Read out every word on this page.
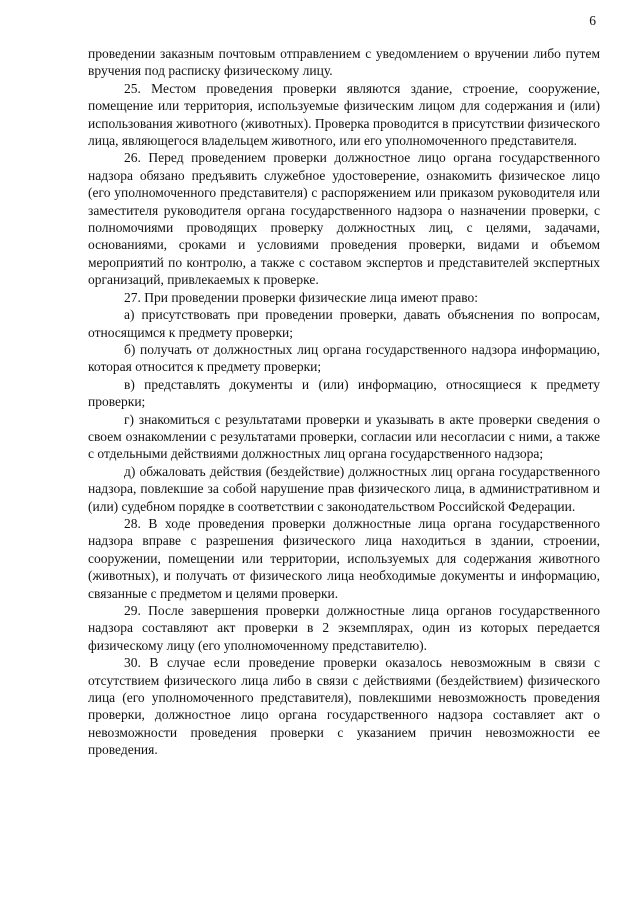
6

проведении заказным почтовым отправлением с уведомлением о вручении либо путем вручения под расписку физическому лицу.

25. Местом проведения проверки являются здание, строение, сооружение, помещение или территория, используемые физическим лицом для содержания и (или) использования животного (животных). Проверка проводится в присутствии физического лица, являющегося владельцем животного, или его уполномоченного представителя.

26. Перед проведением проверки должностное лицо органа государственного надзора обязано предъявить служебное удостоверение, ознакомить физическое лицо (его уполномоченного представителя) с распоряжением или приказом руководителя или заместителя руководителя органа государственного надзора о назначении проверки, с полномочиями проводящих проверку должностных лиц, с целями, задачами, основаниями, сроками и условиями проведения проверки, видами и объемом мероприятий по контролю, а также с составом экспертов и представителей экспертных организаций, привлекаемых к проверке.

27. При проведении проверки физические лица имеют право:

а) присутствовать при проведении проверки, давать объяснения по вопросам, относящимся к предмету проверки;

б) получать от должностных лиц органа государственного надзора информацию, которая относится к предмету проверки;

в) представлять документы и (или) информацию, относящиеся к предмету проверки;

г) знакомиться с результатами проверки и указывать в акте проверки сведения о своем ознакомлении с результатами проверки, согласии или несогласии с ними, а также с отдельными действиями должностных лиц органа государственного надзора;

д) обжаловать действия (бездействие) должностных лиц органа государственного надзора, повлекшие за собой нарушение прав физического лица, в административном и (или) судебном порядке в соответствии с законодательством Российской Федерации.

28. В ходе проведения проверки должностные лица органа государственного надзора вправе с разрешения физического лица находиться в здании, строении, сооружении, помещении или территории, используемых для содержания животного (животных), и получать от физического лица необходимые документы и информацию, связанные с предметом и целями проверки.

29. После завершения проверки должностные лица органов государственного надзора составляют акт проверки в 2 экземплярах, один из которых передается физическому лицу (его уполномоченному представителю).

30. В случае если проведение проверки оказалось невозможным в связи с отсутствием физического лица либо в связи с действиями (бездействием) физического лица (его уполномоченного представителя), повлекшими невозможность проведения проверки, должностное лицо органа государственного надзора составляет акт о невозможности проведения проверки с указанием причин невозможности ее проведения.
